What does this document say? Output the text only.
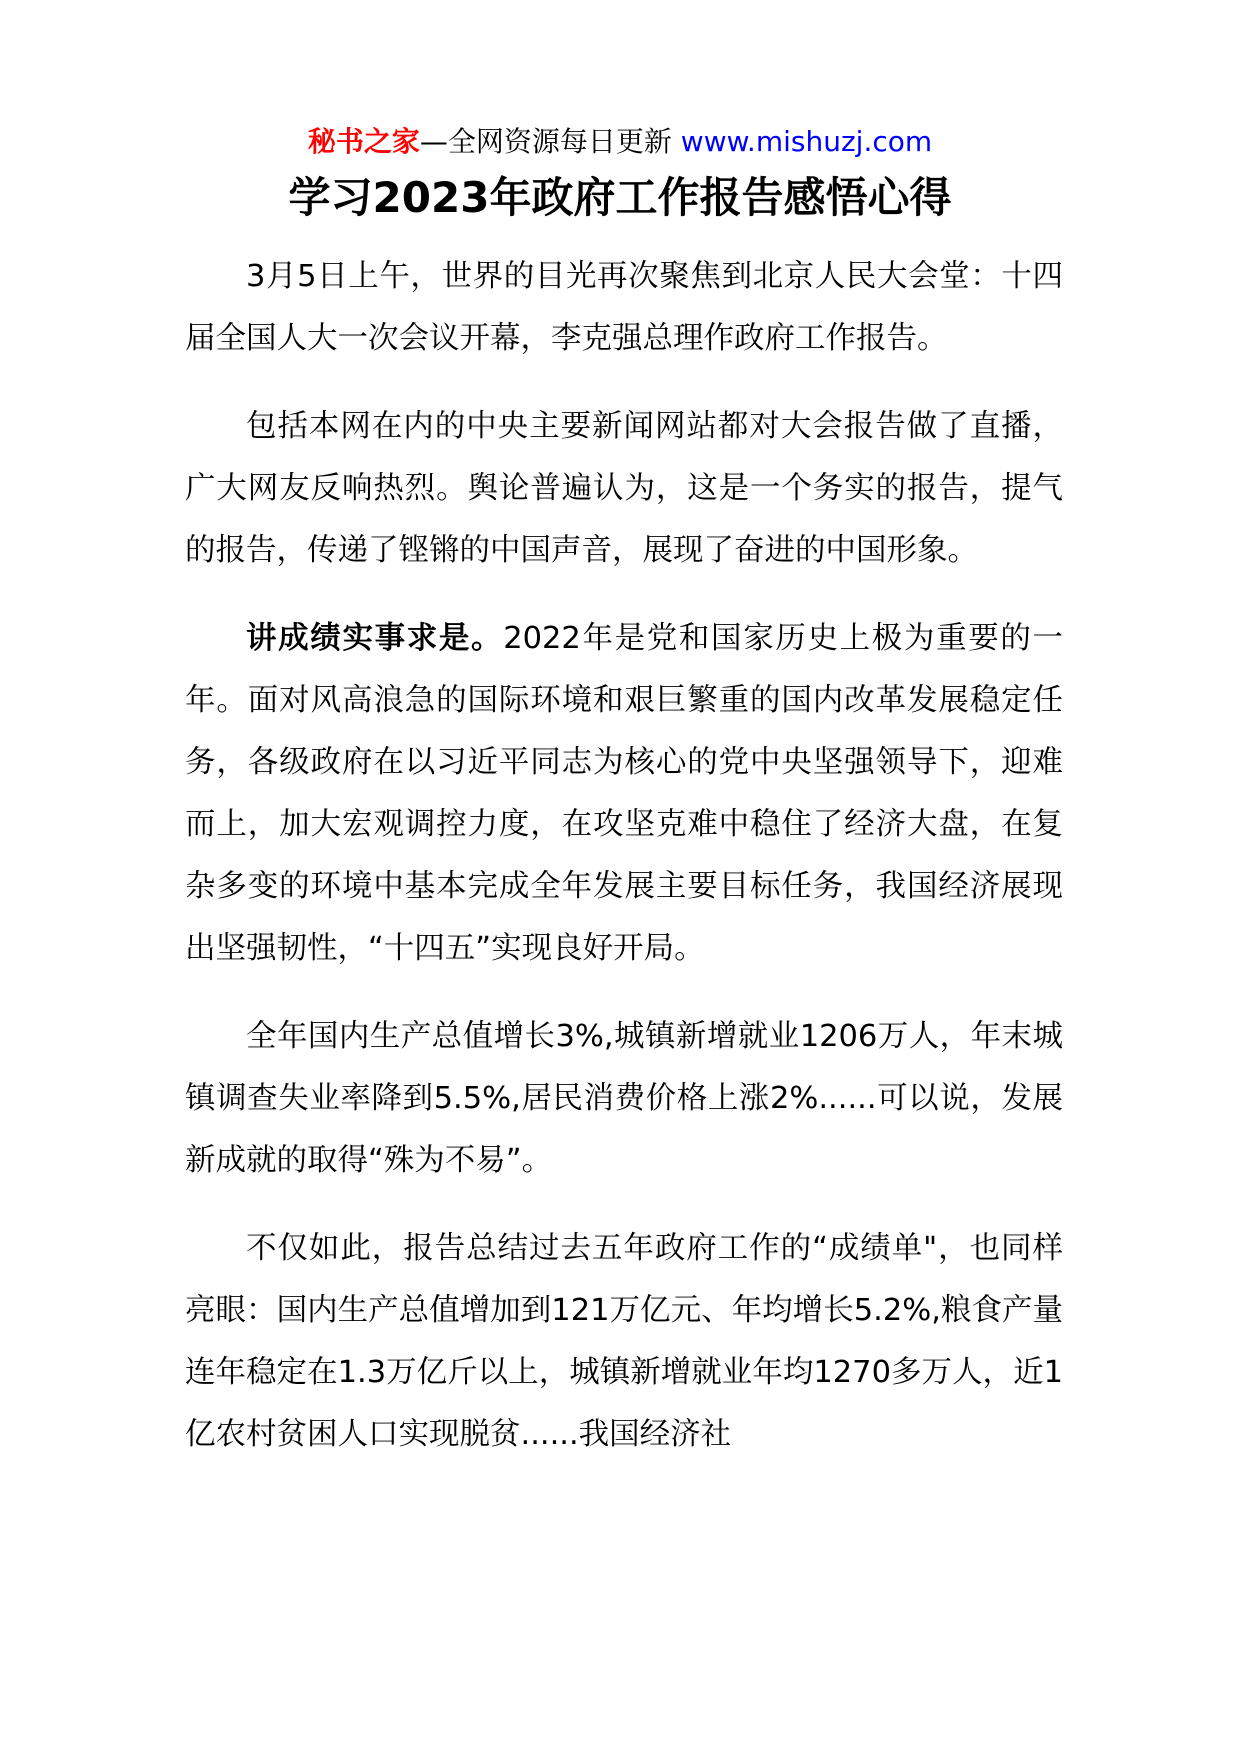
秘书之家—全网资源每日更新 www.mishuzj.com
学习2023年政府工作报告感悟心得

3月5日上午，世界的目光再次聚焦到北京人民大会堂：十四届全国人大一次会议开幕，李克强总理作政府工作报告。

包括本网在内的中央主要新闻网站都对大会报告做了直播，广大网友反响热烈。舆论普遍认为，这是一个务实的报告，提气的报告，传递了铿锵的中国声音，展现了奋进的中国形象。

讲成绩实事求是。2022年是党和国家历史上极为重要的一年。面对风高浪急的国际环境和艰巨繁重的国内改革发展稳定任务，各级政府在以习近平同志为核心的党中央坚强领导下，迎难而上，加大宏观调控力度，在攻坚克难中稳住了经济大盘，在复杂多变的环境中基本完成全年发展主要目标任务，我国经济展现出坚强韧性，“十四五”实现良好开局。

全年国内生产总值增长3%,城镇新增就业1206万人，年末城镇调查失业率降到5.5%,居民消费价格上涨2%......可以说，发展新成就的取得“殊为不易”。

不仅如此，报告总结过去五年政府工作的“成绩单"，也同样亮眼：国内生产总值增加到121万亿元、年均增长5.2%,粮食产量连年稳定在1.3万亿斤以上，城镇新增就业年均1270多万人，近1亿农村贫困人口实现脱贫......我国经济社
